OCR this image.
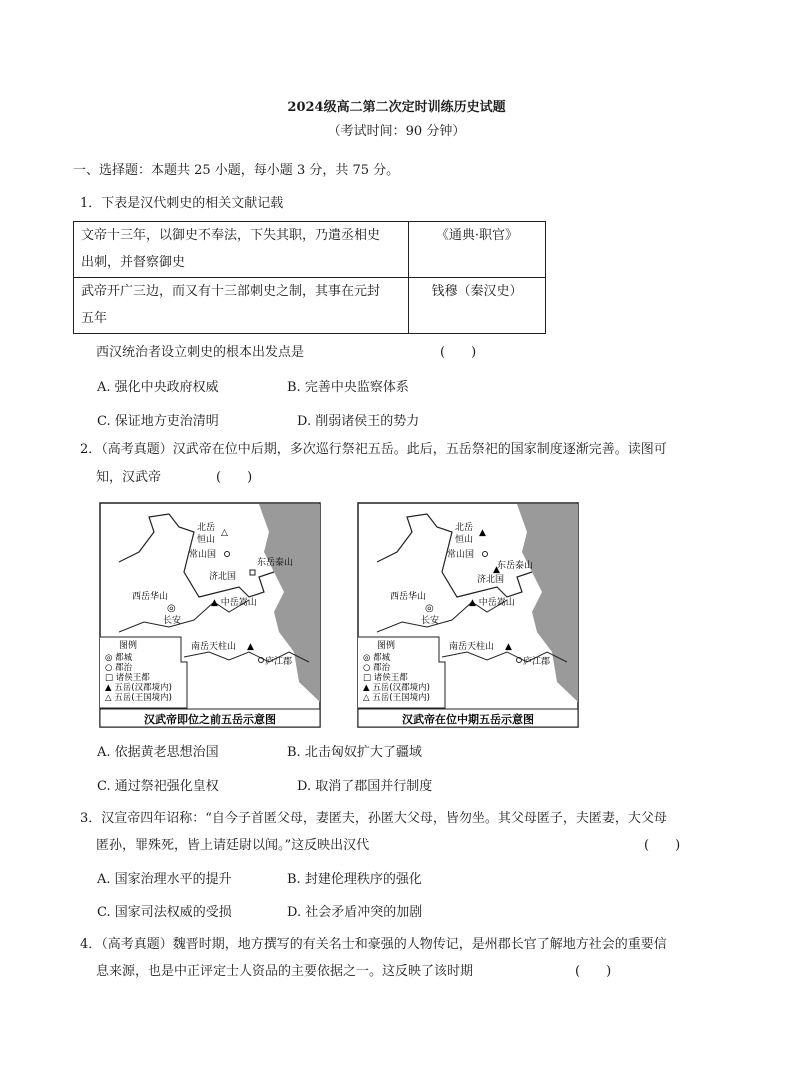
2024级高二第二次定时训练历史试题
（考试时间：90 分钟）
一、选择题：本题共 25 小题，每小题 3 分，共 75 分。
1．下表是汉代刺史的相关文献记载
文帝十三年，以御史不奉法，下失其职，乃遣丞相史
出刺，并督察御史	《通典·职官》

武帝开广三边，而又有十三部刺史之制，其事在元封
五年	钱穆（秦汉史）
西汉统治者设立刺史的根本出发点是	(　　)
A. 强化中央政府权威	B. 完善中央监察体系
C. 保证地方吏治清明	D. 削弱诸侯王的势力
2．（高考真题）汉武帝在位中后期，多次巡行祭祀五岳。此后，五岳祭祀的国家制度逐渐完善。读图可
知，汉武帝	(　　)
图例
◎ 都城
○ 郡治
□ 诸侯王都
▲ 五岳(汉郡境内)
△ 五岳(王国境内)
北岳 △
恒山
常山国
东岳泰山
济北国
西岳华山
▲ 中岳嵩山
◎
长安
南岳天柱山 ▲
庐江郡
汉武帝即位之前五岳示意图
图例
◎ 都城
○ 郡治
□ 诸侯王都
▲ 五岳(汉郡境内)
△ 五岳(王国境内)
北岳 ▲
恒山
常山国
东岳泰山
济北国
▲
西岳华山
▲ 中岳嵩山
◎
长安
南岳天柱山 ▲
庐江郡
汉武帝在位中期五岳示意图
A. 依据黄老思想治国	B. 北击匈奴扩大了疆域
C. 通过祭祀强化皇权	D. 取消了郡国并行制度
3．汉宣帝四年诏称：“自今子首匿父母，妻匿夫，孙匿大父母，皆勿坐。其父母匿子，夫匿妻，大父母
匿孙，罪殊死，皆上请廷尉以闻。”这反映出汉代	(　　)
A. 国家治理水平的提升	B. 封建伦理秩序的强化
C. 国家司法权威的受损	D. 社会矛盾冲突的加剧
4．（高考真题）魏晋时期，地方撰写的有关名士和豪强的人物传记，是州郡长官了解地方社会的重要信
息来源，也是中正评定士人资品的主要依据之一。这反映了该时期	(　　)
